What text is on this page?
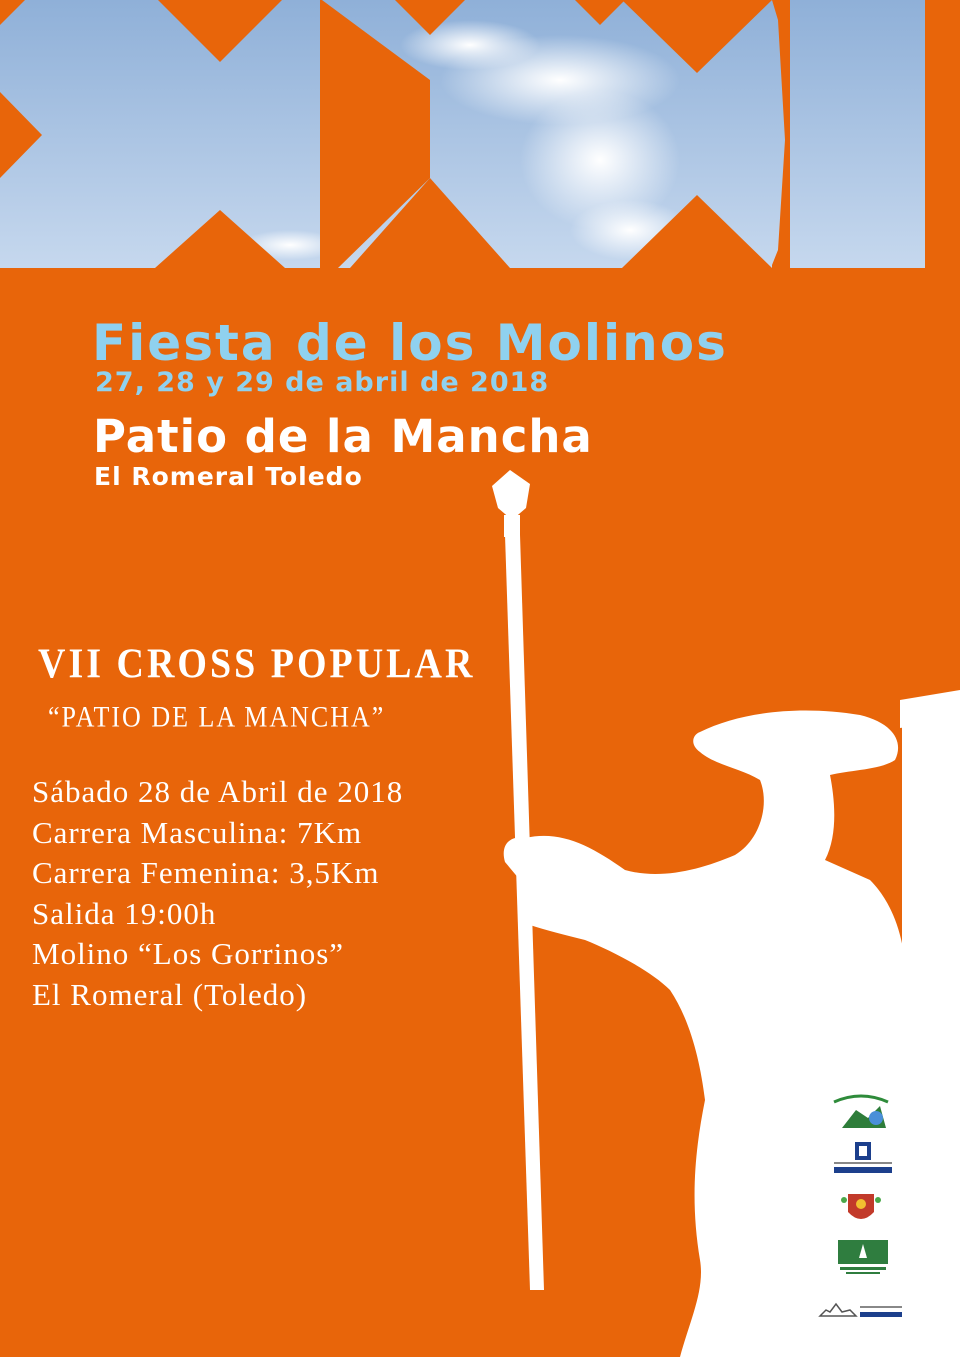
Fiesta de los Molinos

27, 28 y 29 de abril de 2018

Patio de la Mancha

El Romeral Toledo

VII CROSS POPULAR

“PATIO DE LA MANCHA”

Sábado 28 de Abril de 2018
Carrera Masculina: 7Km
Carrera Femenina: 3,5Km
Salida 19:00h
Molino “Los Gorrinos”
El Romeral (Toledo)
